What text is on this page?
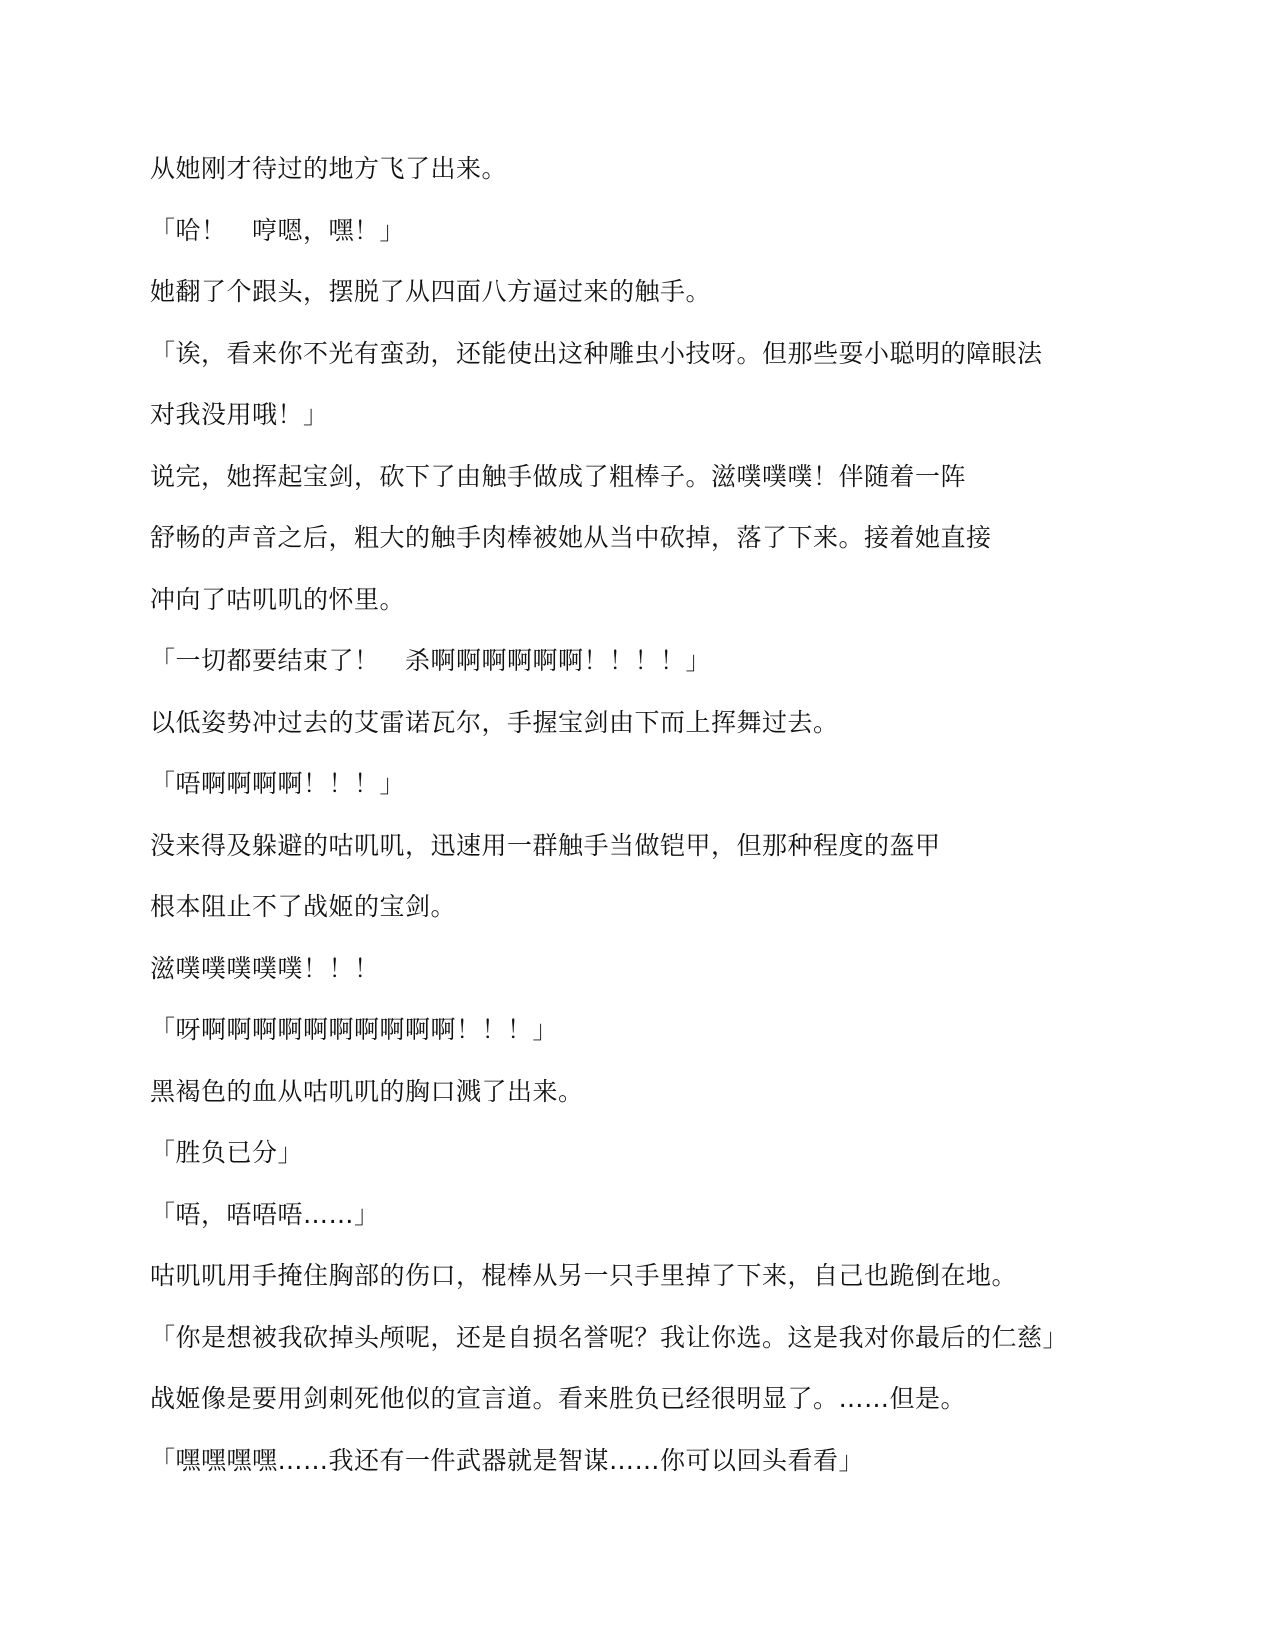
从她刚才待过的地方飞了出来。

「哈！　哼嗯，嘿！」

她翻了个跟头，摆脱了从四面八方逼过来的触手。

「诶，看来你不光有蛮劲，还能使出这种雕虫小技呀。但那些耍小聪明的障眼法

对我没用哦！」

说完，她挥起宝剑，砍下了由触手做成了粗棒子。滋噗噗噗！伴随着一阵

舒畅的声音之后，粗大的触手肉棒被她从当中砍掉，落了下来。接着她直接

冲向了咕叽叽的怀里。

「一切都要结束了！　杀啊啊啊啊啊啊！！！！」

以低姿势冲过去的艾雷诺瓦尔，手握宝剑由下而上挥舞过去。

「唔啊啊啊啊！！！」

没来得及躲避的咕叽叽，迅速用一群触手当做铠甲，但那种程度的盔甲

根本阻止不了战姬的宝剑。

滋噗噗噗噗噗！！！

「呀啊啊啊啊啊啊啊啊啊啊！！！」

黑褐色的血从咕叽叽的胸口溅了出来。

「胜负已分」

「唔，唔唔唔……」

咕叽叽用手掩住胸部的伤口，棍棒从另一只手里掉了下来，自己也跪倒在地。

「你是想被我砍掉头颅呢，还是自损名誉呢？我让你选。这是我对你最后的仁慈」

战姬像是要用剑刺死他似的宣言道。看来胜负已经很明显了。……但是。

「嘿嘿嘿嘿……我还有一件武器就是智谋……你可以回头看看」
